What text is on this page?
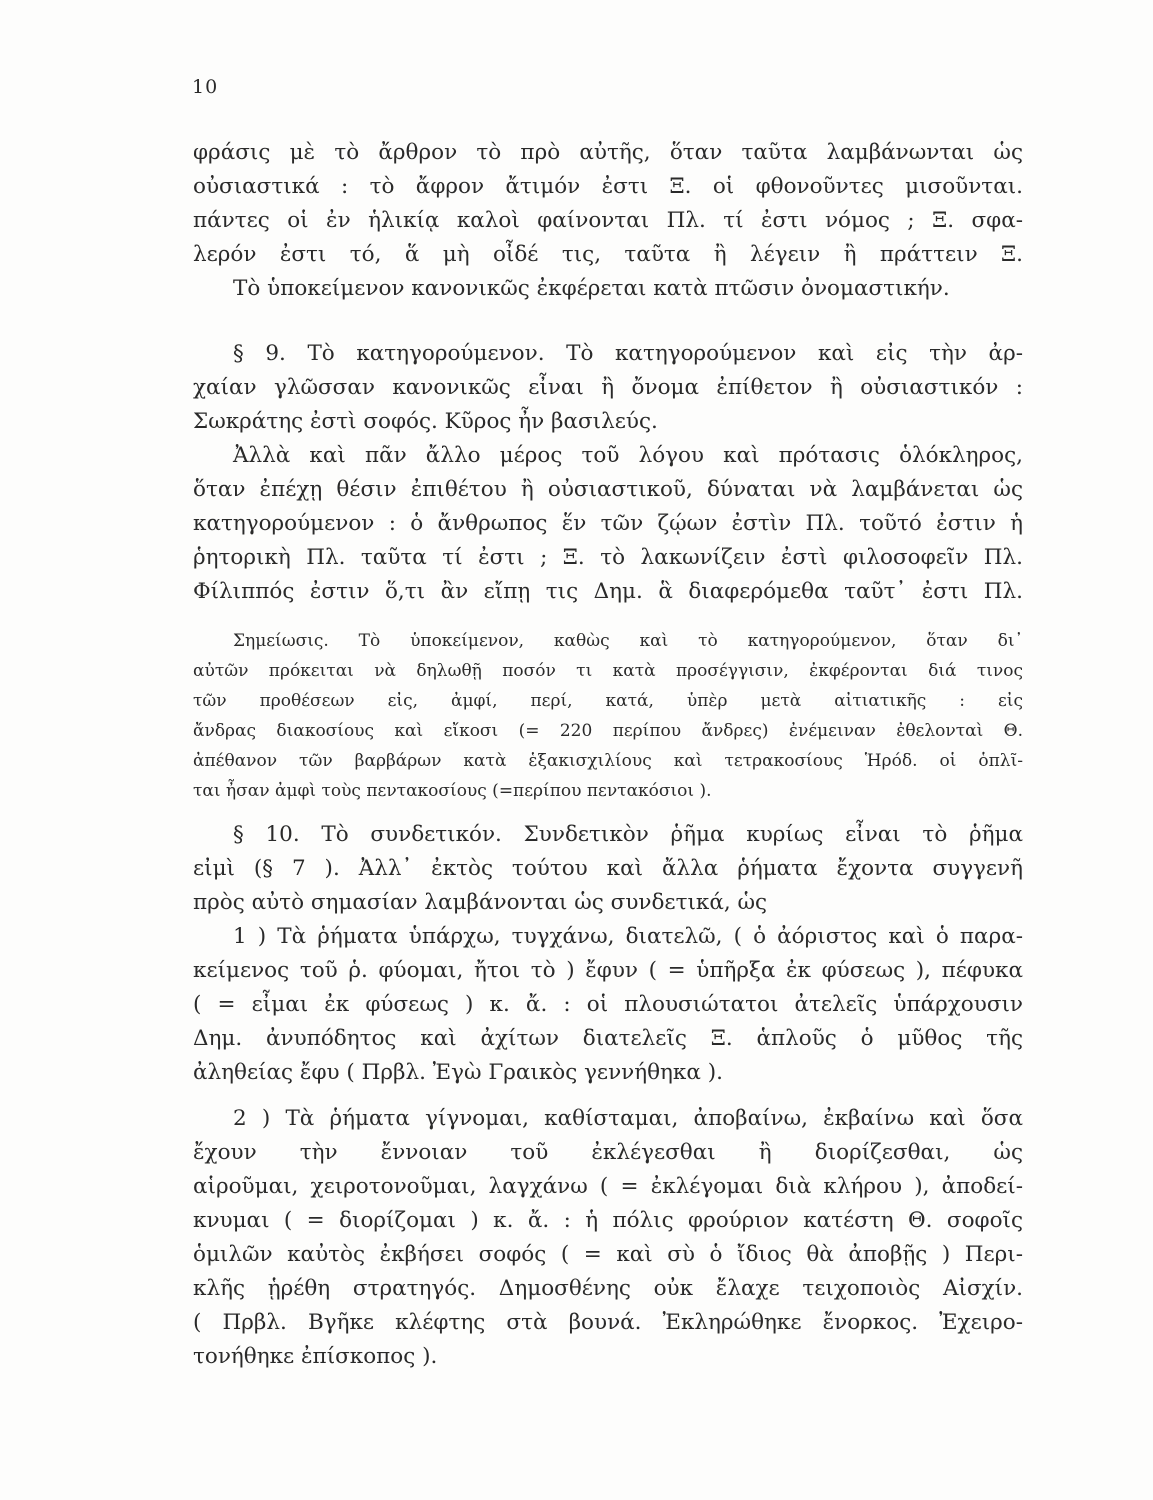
10
φράσις μὲ τὸ ἄρθρον τὸ πρὸ αὐτῆς, ὅταν ταῦτα λαμβάνωνται ὡς
οὐσιαστικά : τὸ ἄφρον ἄτιμόν ἐστι Ξ. οἱ φθονοῦντες μισοῦνται.
πάντες οἱ ἐν ἡλικίᾳ καλοὶ φαίνονται Πλ. τί ἐστι νόμος ; Ξ. σφα-
λερόν ἐστι τό, ἅ μὴ οἶδέ τις, ταῦτα ἢ λέγειν ἢ πράττειν Ξ.
Τὸ ὑποκείμενον κανονικῶς ἐκφέρεται κατὰ πτῶσιν ὀνομαστικήν.
§ 9. Τὸ κατηγορούμενον. Τὸ κατηγορούμενον καὶ εἰς τὴν ἀρ-
χαίαν γλῶσσαν κανονικῶς εἶναι ἢ ὄνομα ἐπίθετον ἢ οὐσιαστικόν :
Σωκράτης ἐστὶ σοφός. Κῦρος ἦν βασιλεύς.
Ἀλλὰ καὶ πᾶν ἄλλο μέρος τοῦ λόγου καὶ πρότασις ὁλόκληρος,
ὅταν ἐπέχῃ θέσιν ἐπιθέτου ἢ οὐσιαστικοῦ, δύναται νὰ λαμβάνεται ὡς
κατηγορούμενον : ὁ ἄνθρωπος ἕν τῶν ζῴων ἐστὶν Πλ. τοῦτό ἐστιν ἡ
ῥητορικὴ Πλ. ταῦτα τί ἐστι ; Ξ. τὸ λακωνίζειν ἐστὶ φιλοσοφεῖν Πλ.
Φίλιππός ἐστιν ὅ,τι ἂν εἴπῃ τις Δημ. ἃ διαφερόμεθα ταῦτ᾽ ἐστι Πλ.
Σημείωσις. Τὸ ὑποκείμενον, καθὼς καὶ τὸ κατηγορούμενον, ὅταν δι᾽
αὐτῶν πρόκειται νὰ δηλωθῇ ποσόν τι κατὰ προσέγγισιν, ἐκφέρονται διά τινος
τῶν προθέσεων εἰς, ἀμφί, περί, κατά, ὑπὲρ μετὰ αἰτιατικῆς : εἰς
ἄνδρας διακοσίους καὶ εἴκοσι (= 220 περίπου ἄνδρες) ἐνέμειναν ἐθελονταὶ Θ.
ἀπέθανον τῶν βαρβάρων κατὰ ἑξακισχιλίους καὶ τετρακοσίους Ἡρόδ. οἱ ὁπλῖ-
ται ἦσαν ἀμφὶ τοὺς πεντακοσίους (=περίπου πεντακόσιοι ).
§ 10. Τὸ συνδετικόν. Συνδετικὸν ῥῆμα κυρίως εἶναι τὸ ῥῆμα
εἰμὶ (§ 7 ). Ἀλλ᾽ ἐκτὸς τούτου καὶ ἄλλα ῥήματα ἔχοντα συγγενῆ
πρὸς αὐτὸ σημασίαν λαμβάνονται ὡς συνδετικά, ὡς
1 ) Τὰ ῥήματα ὑπάρχω, τυγχάνω, διατελῶ, ( ὁ ἀόριστος καὶ ὁ παρα-
κείμενος τοῦ ῥ. φύομαι, ἤτοι τὸ ) ἔφυν ( = ὑπῆρξα ἐκ φύσεως ), πέφυκα
( = εἶμαι ἐκ φύσεως ) κ. ἄ. : οἱ πλουσιώτατοι ἀτελεῖς ὑπάρχουσιν
Δημ. ἀνυπόδητος καὶ ἀχίτων διατελεῖς Ξ. ἁπλοῦς ὁ μῦθος τῆς
ἀληθείας ἔφυ ( Πρβλ. Ἐγὼ Γραικὸς γεννήθηκα ).
2 ) Τὰ ῥήματα γίγνομαι, καθίσταμαι, ἀποβαίνω, ἐκβαίνω καὶ ὅσα
ἔχουν τὴν ἔννοιαν τοῦ ἐκλέγεσθαι ἢ διορίζεσθαι, ὡς
αἱροῦμαι, χειροτονοῦμαι, λαγχάνω ( = ἐκλέγομαι διὰ κλήρου ), ἀποδεί-
κνυμαι ( = διορίζομαι ) κ. ἄ. : ἡ πόλις φρούριον κατέστη Θ. σοφοῖς
ὁμιλῶν καὐτὸς ἐκβήσει σοφός ( = καὶ σὺ ὁ ἴδιος θὰ ἀποβῇς ) Περι-
κλῆς ᾑρέθη στρατηγός. Δημοσθένης οὐκ ἔλαχε τειχοποιὸς Αἰσχίν.
( Πρβλ. Βγῆκε κλέφτης στὰ βουνά. Ἐκληρώθηκε ἔνορκος. Ἐχειρο-
τονήθηκε ἐπίσκοπος ).
